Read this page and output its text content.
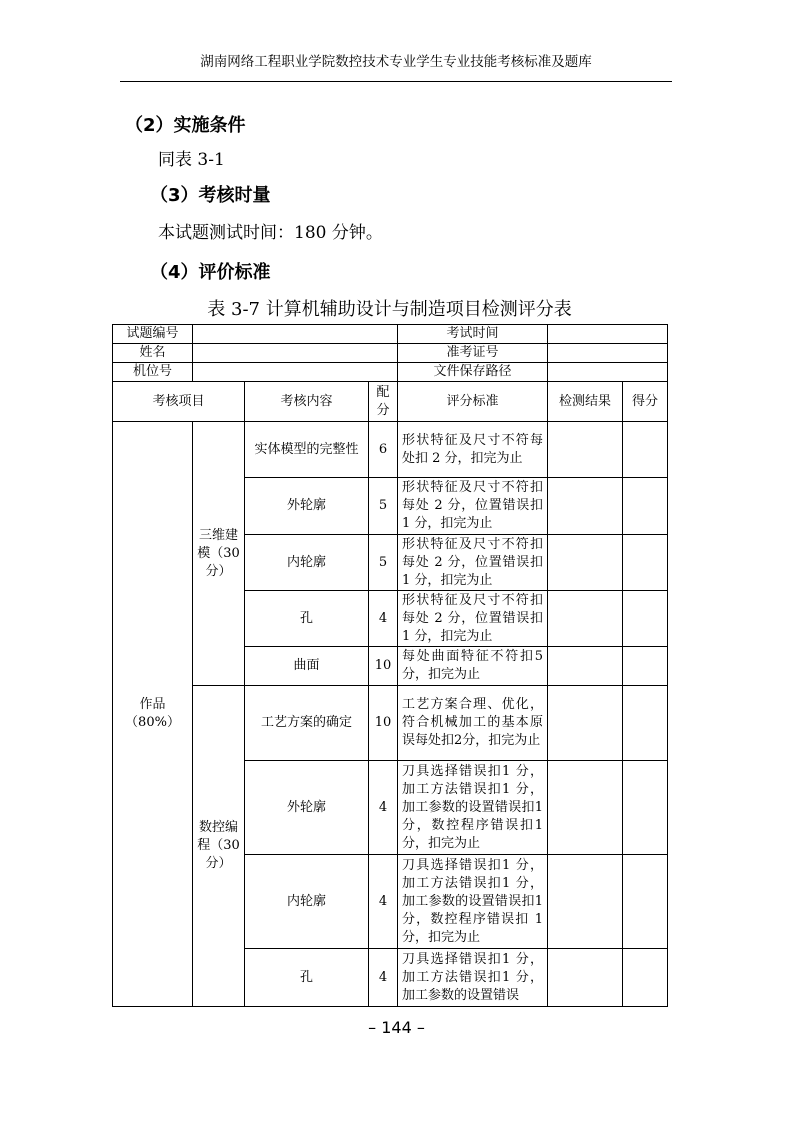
湖南网络工程职业学院数控技术专业学生专业技能考核标准及题库
（2）实施条件
同表 3-1
（3）考核时量
本试题测试时间：180 分钟。
（4）评价标准
表 3-7 计算机辅助设计与制造项目检测评分表
试题编号				考试时间		
姓名				准考证号		
机位号				文件保存路径		
考核项目		考核内容	配分	评分标准	检测结果	得分
作品（80%）	三维建模（30分）	实体模型的完整性	6	形状特征及尺寸不符每处扣 2 分，扣完为止		
		外轮廓	5	形状特征及尺寸不符扣每处 2 分，位置错误扣 1 分，扣完为止		
		内轮廓	5	形状特征及尺寸不符扣每处 2 分，位置错误扣 1 分，扣完为止		
		孔	4	形状特征及尺寸不符扣每处 2 分，位置错误扣 1 分，扣完为止		
		曲面	10	每处曲面特征不符扣5分，扣完为止		
	数控编程（30分）	工艺方案的确定	10	工艺方案合理、优化，符合机械加工的基本原误每处扣2分，扣完为止		
		外轮廓	4	刀具选择错误扣1 分，加工方法错误扣1 分，加工参数的设置错误扣1分，数控程序错误扣1分，扣完为止		
		内轮廓	4	刀具选择错误扣1 分，加工方法错误扣1 分，加工参数的设置错误扣1分，数控程序错误扣 1 分，扣完为止		
		孔	4	刀具选择错误扣1 分，加工方法错误扣1 分，加工参数的设置错误		
– 144 –
